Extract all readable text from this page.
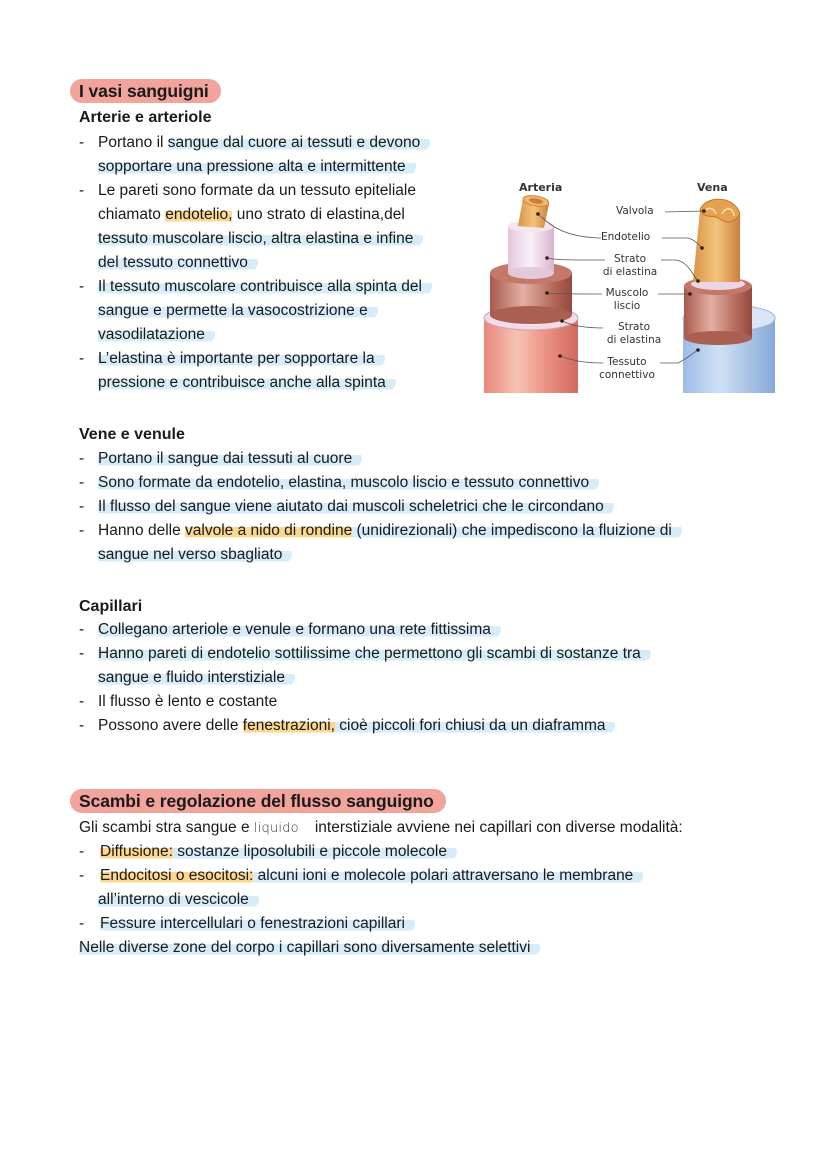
I vasi sanguigni
Arterie e arteriole
- Portano il sangue dal cuore ai tessuti e devono
sopportare una pressione alta e intermittente
- Le pareti sono formate da un tessuto epiteliale
chiamato endotelio, uno strato di elastina,del
tessuto muscolare liscio, altra elastina e infine
del tessuto connettivo
- Il tessuto muscolare contribuisce alla spinta del
sangue e permette la vasocostrizione e
vasodilatazione
- L’elastina è importante per sopportare la
pressione e contribuisce anche alla spinta
Arteria	Vena
Valvola
Endotelio
Strato
di elastina
Muscolo
liscio
Strato
di elastina
Tessuto
connettivo
Vene e venule
- Portano il sangue dai tessuti al cuore
- Sono formate da endotelio, elastina, muscolo liscio e tessuto connettivo
- Il flusso del sangue viene aiutato dai muscoli scheletrici che le circondano
- Hanno delle valvole a nido di rondine (unidirezionali) che impediscono la fluizione di
sangue nel verso sbagliato
Capillari
- Collegano arteriole e venule e formano una rete fittissima
- Hanno pareti di endotelio sottilissime che permettono gli scambi di sostanze tra
sangue e fluido interstiziale
- Il flusso è lento e costante
- Possono avere delle fenestrazioni, cioè piccoli fori chiusi da un diaframma
Scambi e regolazione del flusso sanguigno
Gli scambi stra sangue e liquido interstiziale avviene nei capillari con diverse modalità:
-	Diffusione: sostanze liposolubili e piccole molecole
-	Endocitosi o esocitosi: alcuni ioni e molecole polari attraversano le membrane
all’interno di vescicole
-	Fessure intercellulari o fenestrazioni capillari
Nelle diverse zone del corpo i capillari sono diversamente selettivi
